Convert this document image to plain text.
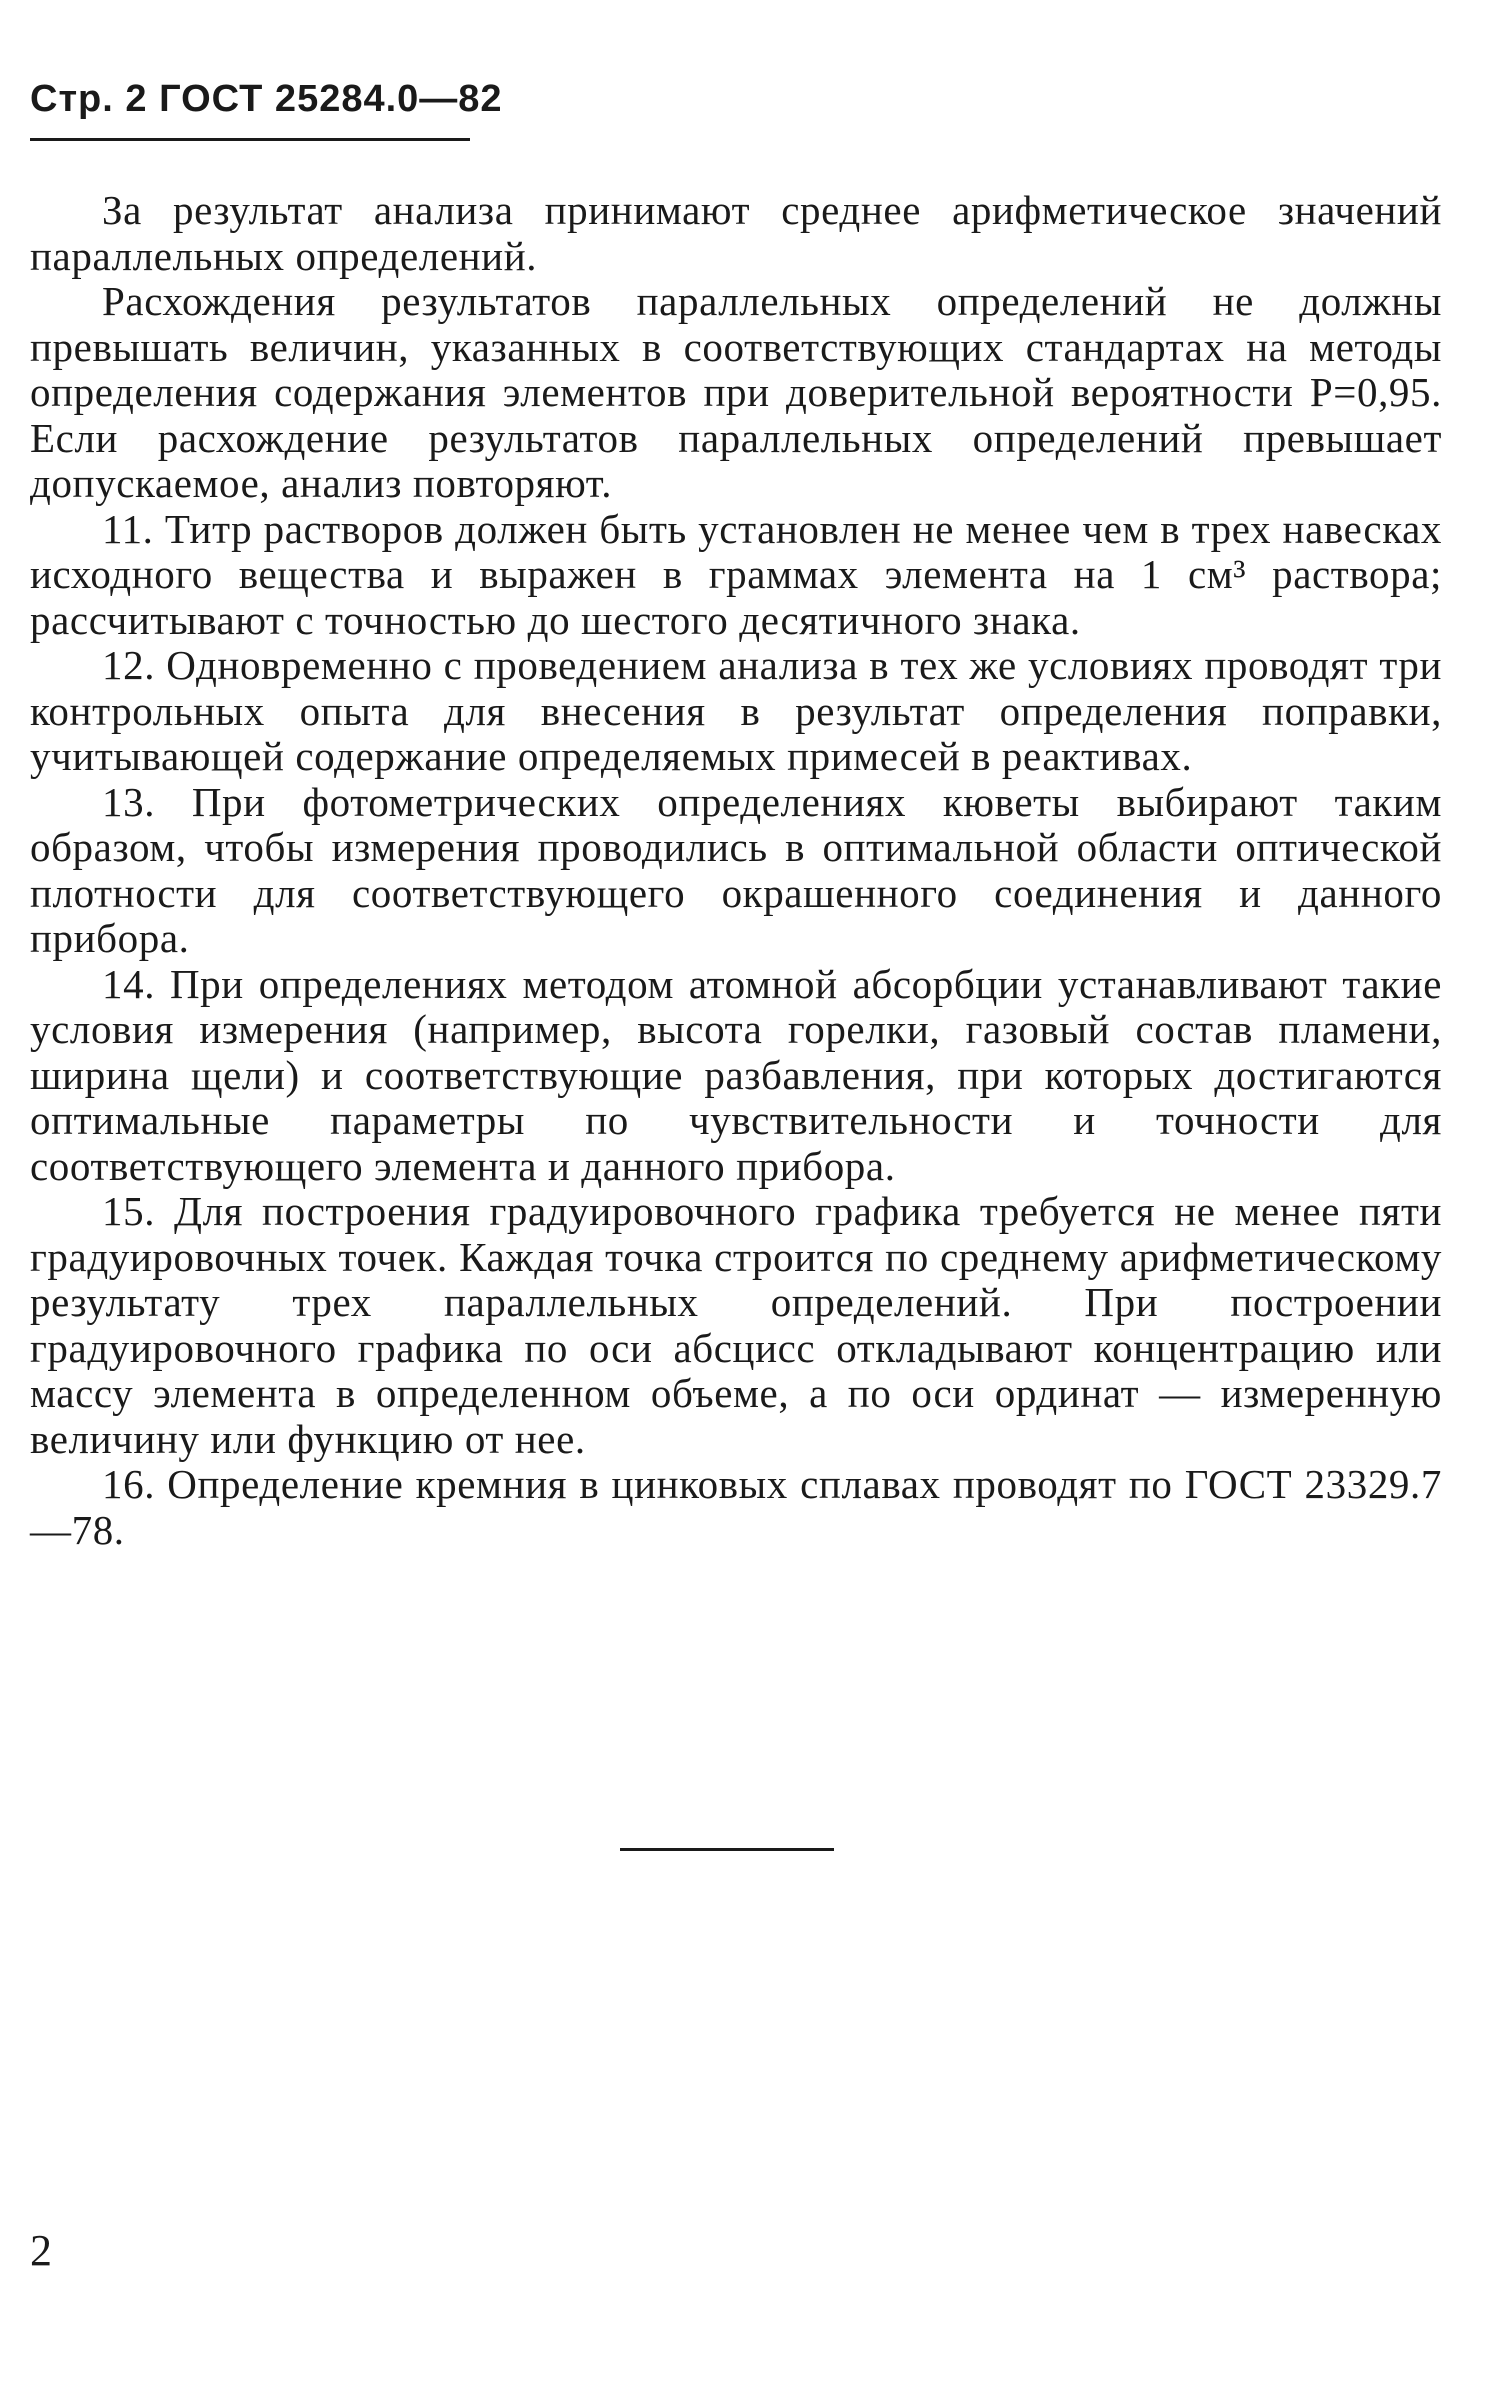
Стр. 2 ГОСТ 25284.0—82

За результат анализа принимают среднее арифметическое значений параллельных определений.

Расхождения результатов параллельных определений не должны превышать величин, указанных в соответствующих стандартах на методы определения содержания элементов при доверительной вероятности P=0,95. Если расхождение результатов параллельных определений превышает допускаемое, анализ повторяют.

11. Титр растворов должен быть установлен не менее чем в трех навесках исходного вещества и выражен в граммах элемента на 1 см³ раствора; рассчитывают с точностью до шестого десятичного знака.

12. Одновременно с проведением анализа в тех же условиях проводят три контрольных опыта для внесения в результат определения поправки, учитывающей содержание определяемых примесей в реактивах.

13. При фотометрических определениях кюветы выбирают таким образом, чтобы измерения проводились в оптимальной области оптической плотности для соответствующего окрашенного соединения и данного прибора.

14. При определениях методом атомной абсорбции устанавливают такие условия измерения (например, высота горелки, газовый состав пламени, ширина щели) и соответствующие разбавления, при которых достигаются оптимальные параметры по чувствительности и точности для соответствующего элемента и данного прибора.

15. Для построения градуировочного графика требуется не менее пяти градуировочных точек. Каждая точка строится по среднему арифметическому результату трех параллельных определений. При построении градуировочного графика по оси абсцисс откладывают концентрацию или массу элемента в определенном объеме, а по оси ординат — измеренную величину или функцию от нее.

16. Определение кремния в цинковых сплавах проводят по ГОСТ 23329.7—78.

2
